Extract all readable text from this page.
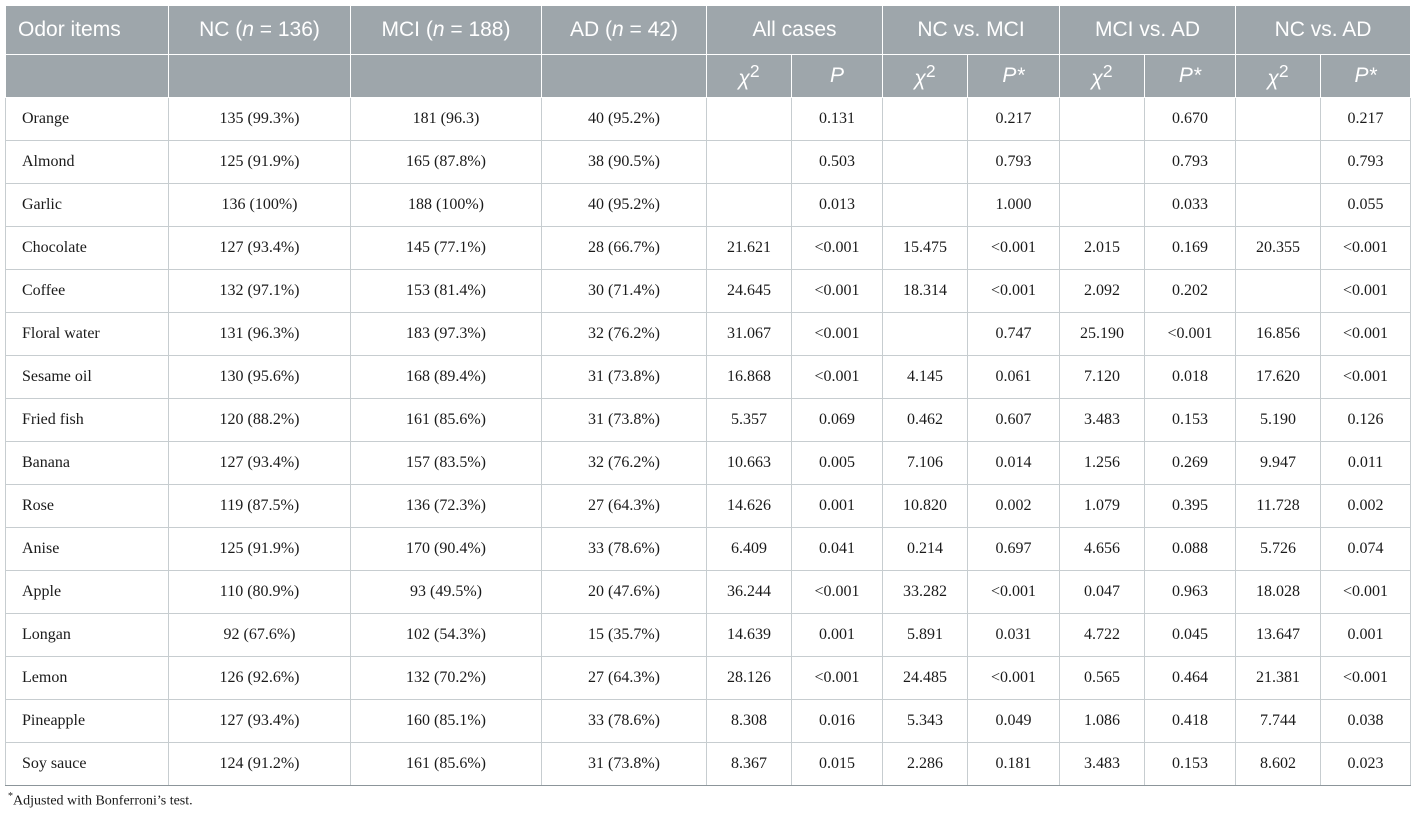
Odor items	NC (n = 136)	MCI (n = 188)	AD (n = 42)	All cases		NC vs. MCI		MCI vs. AD		NC vs. AD	
				$\chi^2$	P	$\chi^2$	P*	$\chi^2$	P*	$\chi^2$	P*
Orange	135 (99.3%)	181 (96.3)	40 (95.2%)		0.131		0.217		0.670		0.217
Almond	125 (91.9%)	165 (87.8%)	38 (90.5%)		0.503		0.793		0.793		0.793
Garlic	136 (100%)	188 (100%)	40 (95.2%)		0.013		1.000		0.033		0.055
Chocolate	127 (93.4%)	145 (77.1%)	28 (66.7%)	21.621	<0.001	15.475	<0.001	2.015	0.169	20.355	<0.001
Coffee	132 (97.1%)	153 (81.4%)	30 (71.4%)	24.645	<0.001	18.314	<0.001	2.092	0.202		<0.001
Floral water	131 (96.3%)	183 (97.3%)	32 (76.2%)	31.067	<0.001		0.747	25.190	<0.001	16.856	<0.001
Sesame oil	130 (95.6%)	168 (89.4%)	31 (73.8%)	16.868	<0.001	4.145	0.061	7.120	0.018	17.620	<0.001
Fried fish	120 (88.2%)	161 (85.6%)	31 (73.8%)	5.357	0.069	0.462	0.607	3.483	0.153	5.190	0.126
Banana	127 (93.4%)	157 (83.5%)	32 (76.2%)	10.663	0.005	7.106	0.014	1.256	0.269	9.947	0.011
Rose	119 (87.5%)	136 (72.3%)	27 (64.3%)	14.626	0.001	10.820	0.002	1.079	0.395	11.728	0.002
Anise	125 (91.9%)	170 (90.4%)	33 (78.6%)	6.409	0.041	0.214	0.697	4.656	0.088	5.726	0.074
Apple	110 (80.9%)	93 (49.5%)	20 (47.6%)	36.244	<0.001	33.282	<0.001	0.047	0.963	18.028	<0.001
Longan	92 (67.6%)	102 (54.3%)	15 (35.7%)	14.639	0.001	5.891	0.031	4.722	0.045	13.647	0.001
Lemon	126 (92.6%)	132 (70.2%)	27 (64.3%)	28.126	<0.001	24.485	<0.001	0.565	0.464	21.381	<0.001
Pineapple	127 (93.4%)	160 (85.1%)	33 (78.6%)	8.308	0.016	5.343	0.049	1.086	0.418	7.744	0.038
Soy sauce	124 (91.2%)	161 (85.6%)	31 (73.8%)	8.367	0.015	2.286	0.181	3.483	0.153	8.602	0.023
*Adjusted with Bonferroni’s test.
